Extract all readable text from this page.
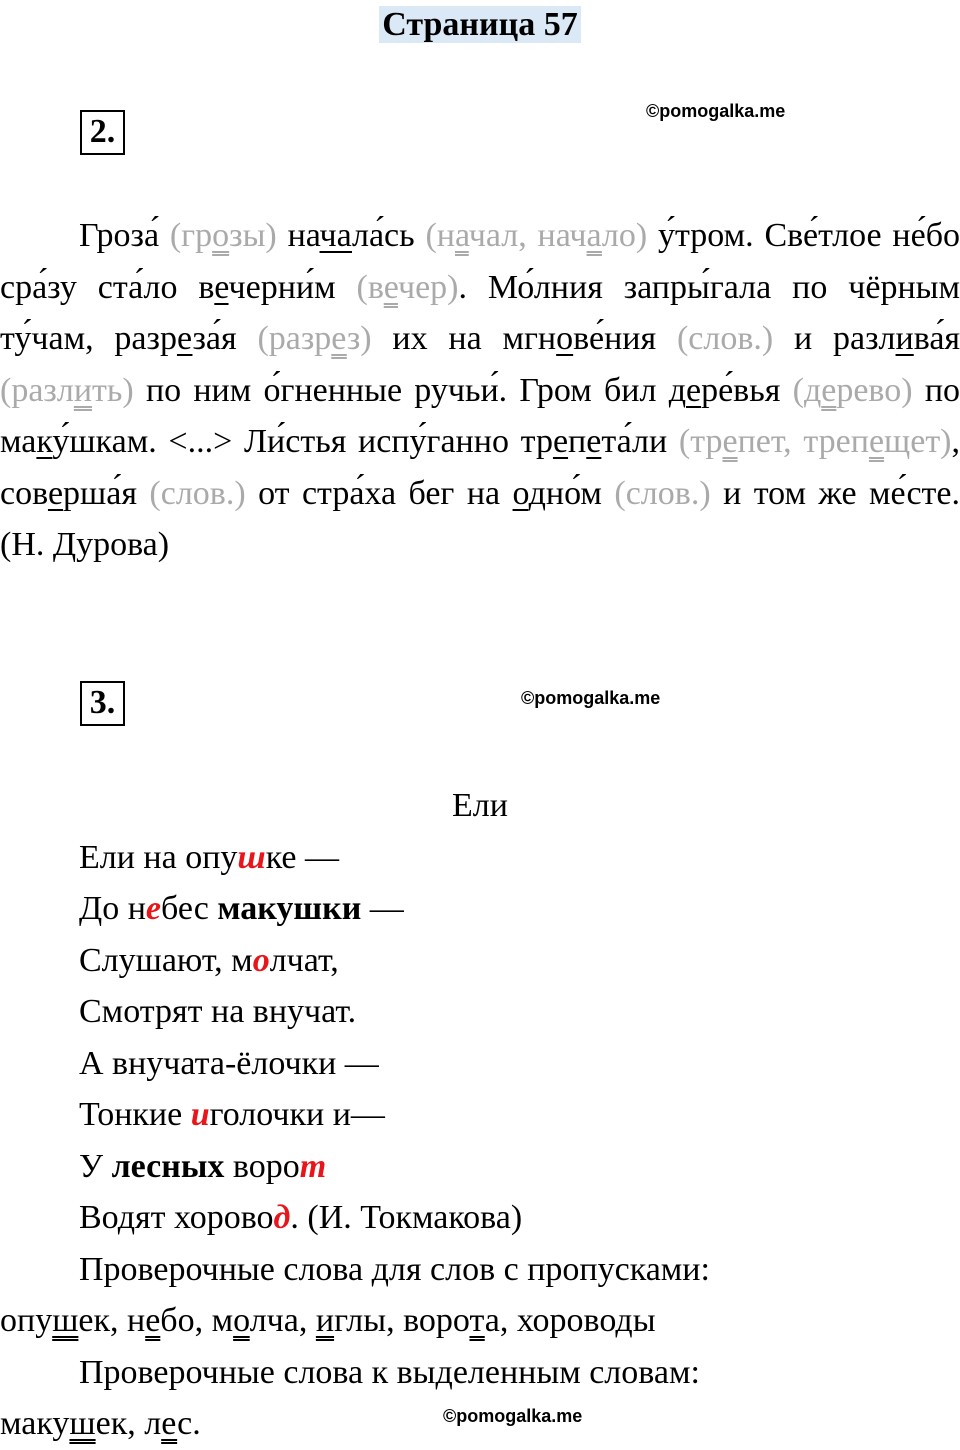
Страница 57
2.
©pomogalka.me
Гроза́ (грозы) начала́сь (начал, начало) у́тром. Све́тлое не́бо сра́зу ста́ло вечерни́м (вечер). Мо́лния запры́гала по чёрным ту́чам, разреза́я (разрез) их на мгнове́ния (слов.) и разлива́я (разлить) по ним о́гненные ручьи́. Гром бил дере́вья (дерево) по маку́шкам. <...> Ли́стья испу́ганно трепета́ли (трепет, трепещет), соверша́я (слов.) от стра́ха бег на одно́м (слов.) и том же ме́сте. (Н. Дурова)
3.	©pomogalka.me
Ели
Ели на опушке —
До небес макушки —
Слушают, молчат,
Смотрят на внучат.
А внучата-ёлочки —
Тонкие иголочки и—
У лесных ворот
Водят хоровод. (И. Токмакова)
Проверочные слова для слов с пропусками:
опушек, небо, молча, иглы, ворота, хороводы
Проверочные слова к выделенным словам:
макушек, лес.	©pomogalka.me
